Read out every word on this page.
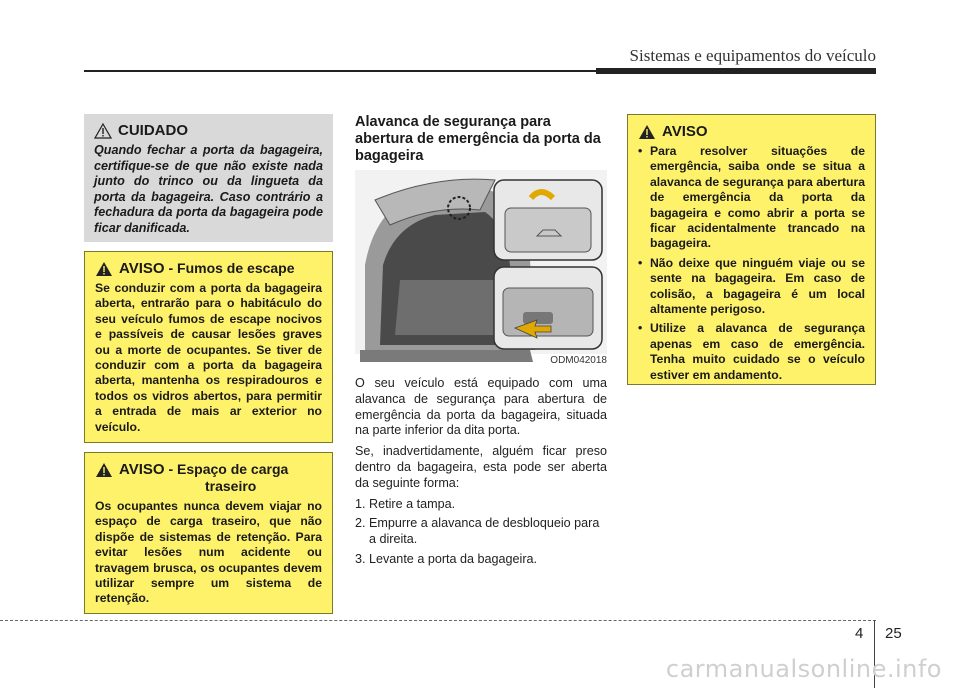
Sistemas e equipamentos do veículo
CUIDADO
Quando fechar a porta da bagageira, certifique-se de que não existe nada junto do trinco ou da lingueta da porta da bagageira. Caso contrário a fechadura da porta da bagageira pode ficar danificada.
AVISO - Fumos de escape
Se conduzir com a porta da bagageira aberta, entrarão para o habitáculo do seu veículo fumos de escape nocivos e passíveis de causar lesões graves ou a morte de ocupantes. Se tiver de conduzir com a porta da bagageira aberta, mantenha os respiradouros e todos os vidros abertos, para permitir a entrada de mais ar exterior no veículo.
AVISO - Espaço de carga
traseiro
Os ocupantes nunca devem viajar no espaço de carga traseiro, que não dispõe de sistemas de retenção. Para evitar lesões num acidente ou travagem brusca, os ocupantes devem utilizar sempre um sistema de retenção.
Alavanca de segurança para abertura de emergência da porta da bagageira
ODM042018

O seu veículo está equipado com uma alavanca de segurança para abertura de emergência da porta da bagageira, situada na parte inferior da dita porta.

Se, inadvertidamente, alguém ficar preso dentro da bagageira, esta pode ser aberta da seguinte forma:

1. Retire a tampa.
2. Empurre a alavanca de desbloqueio para a direita.
3. Levante a porta da bagageira.
AVISO
• Para resolver situações de emergência, saiba onde se situa a alavanca de segurança para abertura de emergência da porta da bagageira e como abrir a porta se ficar acidentalmente trancado na bagageira.
• Não deixe que ninguém viaje ou se sente na bagageira. Em caso de colisão, a bagageira é um local altamente perigoso.
• Utilize a alavanca de segurança apenas em caso de emergência. Tenha muito cuidado se o veículo estiver em andamento.
4 25
carmanualsonline.info
